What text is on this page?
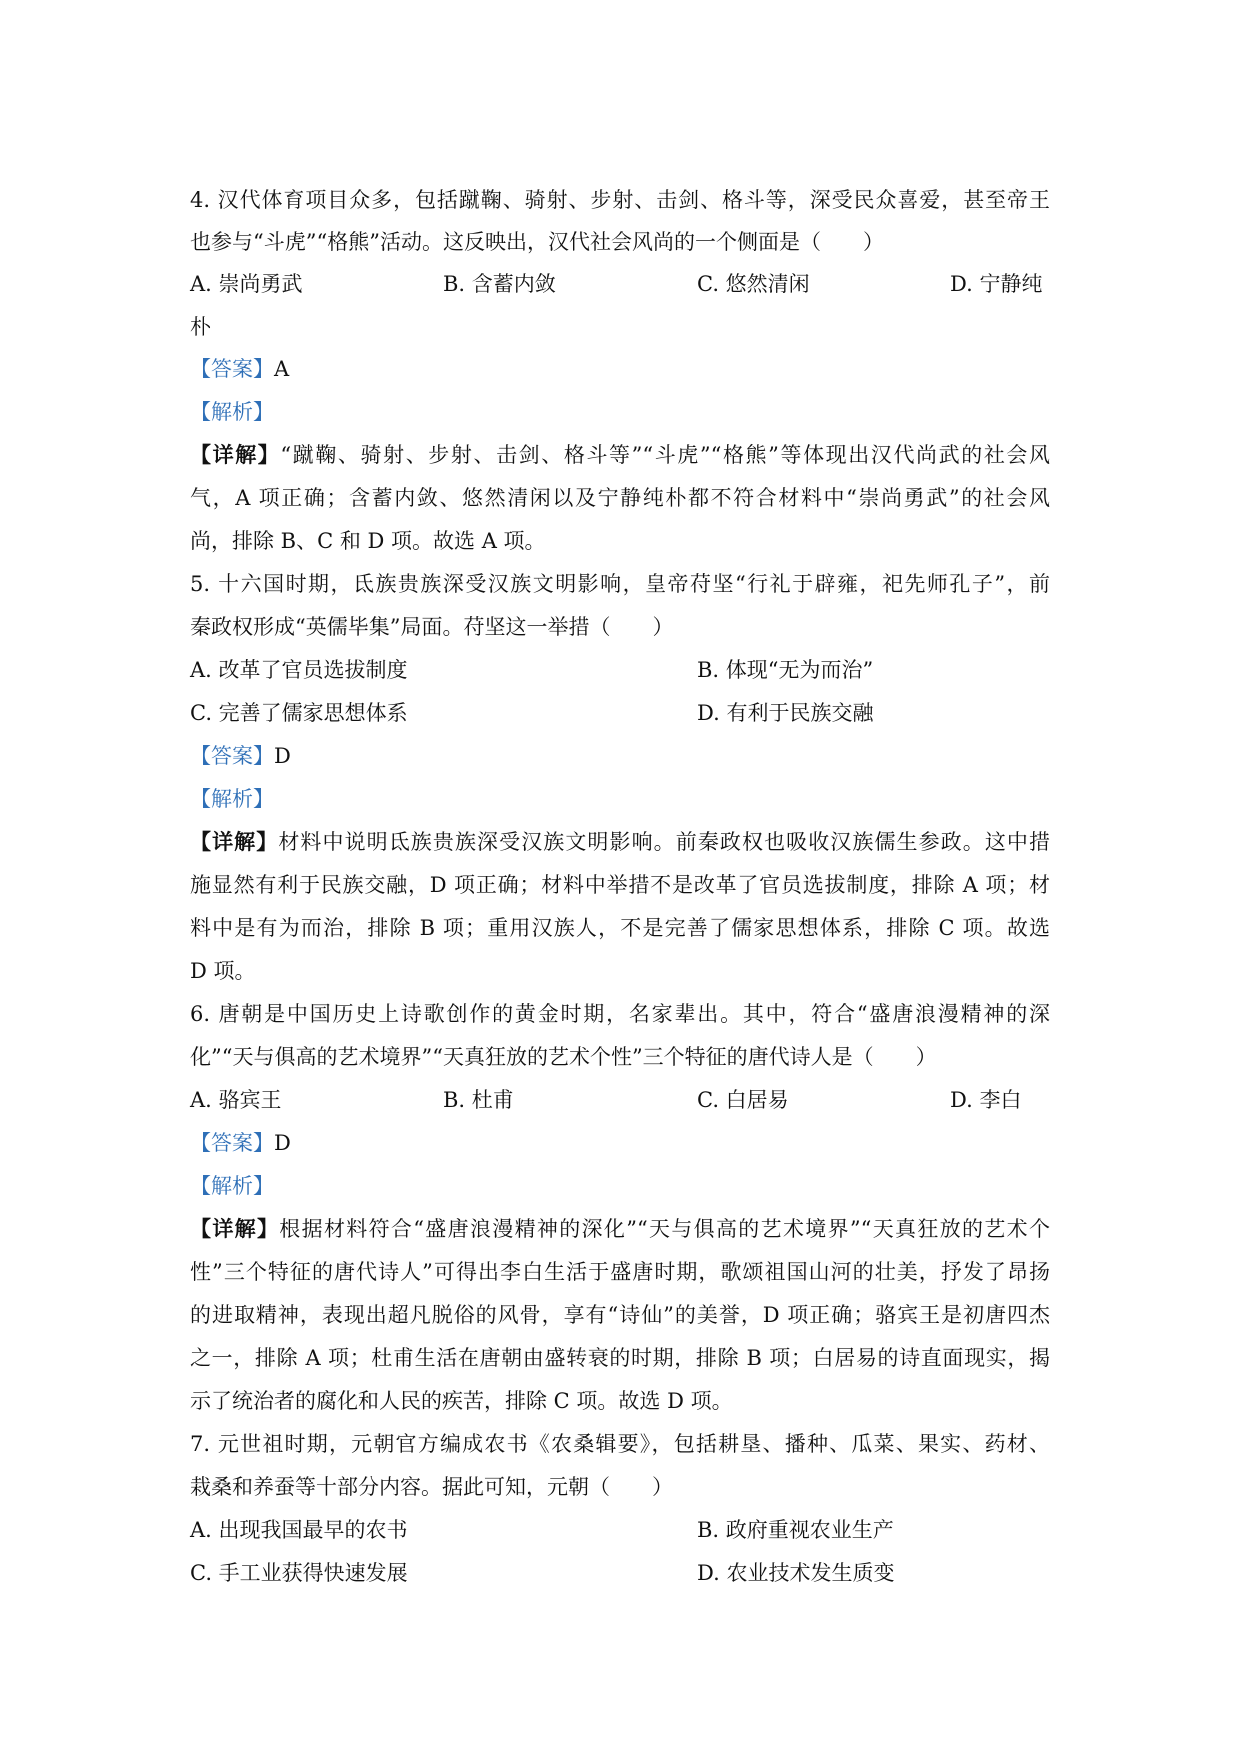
4. 汉代体育项目众多，包括蹴鞠、骑射、步射、击剑、格斗等，深受民众喜爱，甚至帝王
也参与“斗虎”“格熊”活动。这反映出，汉代社会风尚的一个侧面是（　　）
A. 崇尚勇武	B. 含蓄内敛	C. 悠然清闲	D. 宁静纯
朴
【答案】A
【解析】
【详解】“蹴鞠、骑射、步射、击剑、格斗等”“斗虎”“格熊”等体现出汉代尚武的社会风
气，A 项正确；含蓄内敛、悠然清闲以及宁静纯朴都不符合材料中“崇尚勇武”的社会风
尚，排除 B、C 和 D 项。故选 A 项。
5. 十六国时期，氐族贵族深受汉族文明影响，皇帝苻坚“行礼于辟雍，祀先师孔子”，前
秦政权形成“英儒毕集”局面。苻坚这一举措（　　）
A. 改革了官员选拔制度	B. 体现“无为而治”
C. 完善了儒家思想体系	D. 有利于民族交融
【答案】D
【解析】
【详解】材料中说明氐族贵族深受汉族文明影响。前秦政权也吸收汉族儒生参政。这中措
施显然有利于民族交融，D 项正确；材料中举措不是改革了官员选拔制度，排除 A 项；材
料中是有为而治，排除 B 项；重用汉族人，不是完善了儒家思想体系，排除 C 项。故选
D 项。
6. 唐朝是中国历史上诗歌创作的黄金时期，名家辈出。其中，符合“盛唐浪漫精神的深
化”“天与俱高的艺术境界”“天真狂放的艺术个性”三个特征的唐代诗人是（　　）
A. 骆宾王	B. 杜甫	C. 白居易	D. 李白
【答案】D
【解析】
【详解】根据材料符合“盛唐浪漫精神的深化”“天与俱高的艺术境界”“天真狂放的艺术个
性”三个特征的唐代诗人”可得出李白生活于盛唐时期，歌颂祖国山河的壮美，抒发了昂扬
的进取精神，表现出超凡脱俗的风骨，享有“诗仙”的美誉，D 项正确；骆宾王是初唐四杰
之一，排除 A 项；杜甫生活在唐朝由盛转衰的时期，排除 B 项；白居易的诗直面现实，揭
示了统治者的腐化和人民的疾苦，排除 C 项。故选 D 项。
7. 元世祖时期，元朝官方编成农书《农桑辑要》，包括耕垦、播种、瓜菜、果实、药材、
栽桑和养蚕等十部分内容。据此可知，元朝（　　）
A. 出现我国最早的农书	B. 政府重视农业生产
C. 手工业获得快速发展	D. 农业技术发生质变
